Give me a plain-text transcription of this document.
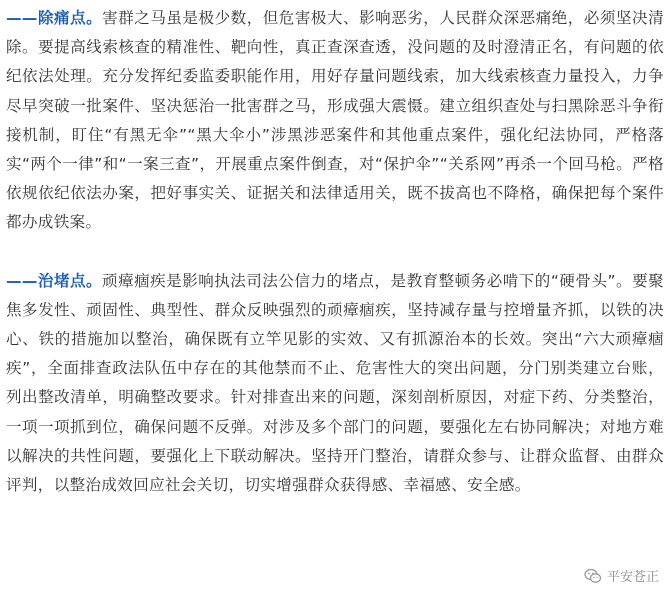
——除痛点。害群之马虽是极少数，但危害极大、影响恶劣，人民群众深恶痛绝，必须坚决清除。要提高线索核查的精准性、靶向性，真正查深查透，没问题的及时澄清正名，有问题的依纪依法处理。充分发挥纪委监委职能作用，用好存量问题线索，加大线索核查力量投入，力争尽早突破一批案件、坚决惩治一批害群之马，形成强大震慑。建立组织查处与扫黑除恶斗争衔接机制，盯住“有黑无伞”“黑大伞小”涉黑涉恶案件和其他重点案件，强化纪法协同，严格落实“两个一律”和“一案三查”，开展重点案件倒查，对“保护伞”“关系网”再杀一个回马枪。严格依规依纪依法办案，把好事实关、证据关和法律适用关，既不拔高也不降格，确保把每个案件都办成铁案。

——治堵点。顽瘴痼疾是影响执法司法公信力的堵点，是教育整顿务必啃下的“硬骨头”。要聚焦多发性、顽固性、典型性、群众反映强烈的顽瘴痼疾，坚持减存量与控增量齐抓，以铁的决心、铁的措施加以整治，确保既有立竿见影的实效、又有抓源治本的长效。突出“六大顽瘴痼疾”，全面排查政法队伍中存在的其他禁而不止、危害性大的突出问题，分门别类建立台账，列出整改清单，明确整改要求。针对排查出来的问题，深刻剖析原因，对症下药、分类整治，一项一项抓到位，确保问题不反弹。对涉及多个部门的问题，要强化左右协同解决；对地方难以解决的共性问题，要强化上下联动解决。坚持开门整治，请群众参与、让群众监督、由群众评判，以整治成效回应社会关切，切实增强群众获得感、幸福感、安全感。

平安苍正
